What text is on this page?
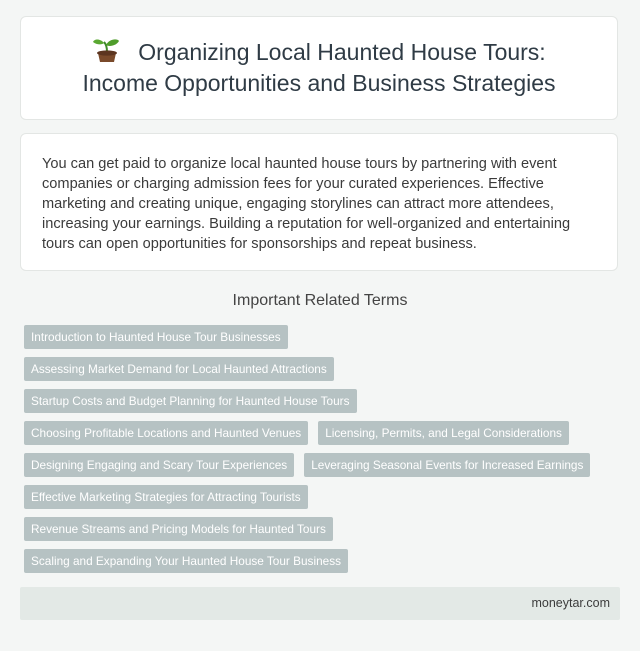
Organizing Local Haunted House Tours:
Income Opportunities and Business Strategies

You can get paid to organize local haunted house tours by partnering with event companies or charging admission fees for your curated experiences. Effective marketing and creating unique, engaging storylines can attract more attendees, increasing your earnings. Building a reputation for well-organized and entertaining tours can open opportunities for sponsorships and repeat business.

Important Related Terms
Introduction to Haunted House Tour Businesses
Assessing Market Demand for Local Haunted Attractions
Startup Costs and Budget Planning for Haunted House Tours
Choosing Profitable Locations and Haunted Venues	Licensing, Permits, and Legal Considerations
Designing Engaging and Scary Tour Experiences	Leveraging Seasonal Events for Increased Earnings
Effective Marketing Strategies for Attracting Tourists
Revenue Streams and Pricing Models for Haunted Tours
Scaling and Expanding Your Haunted House Tour Business
moneytar.com
